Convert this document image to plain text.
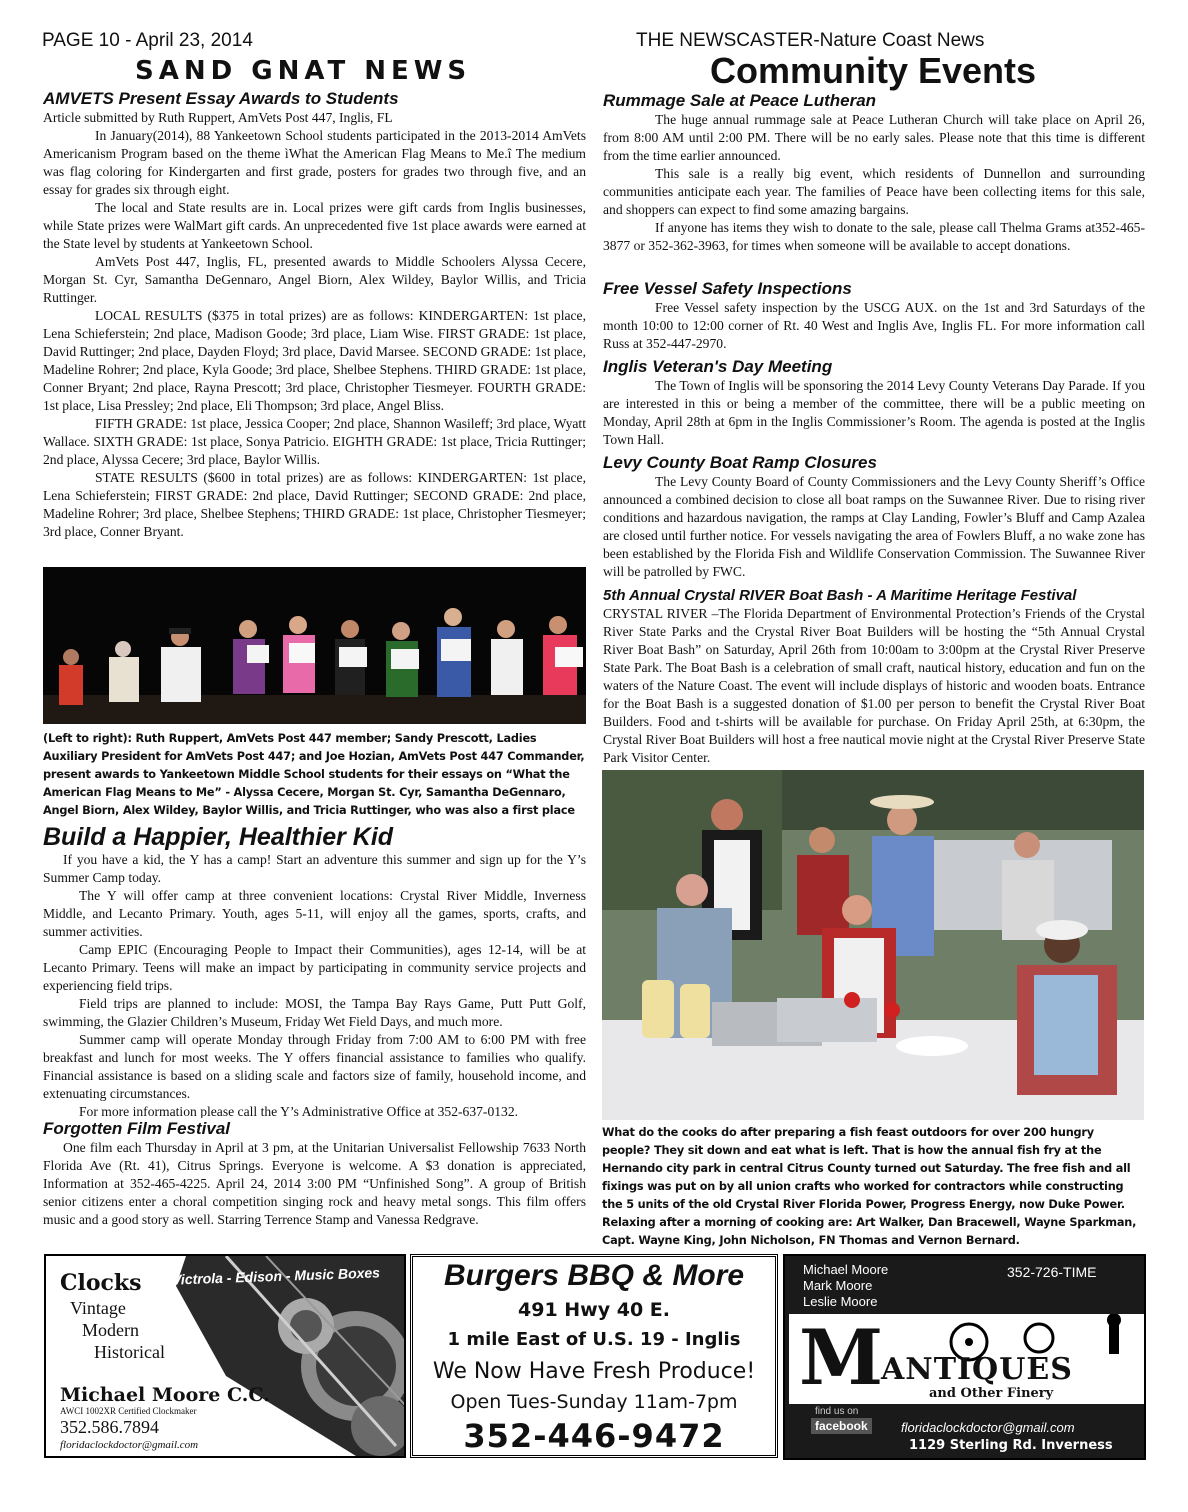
PAGE 10 - April 23, 2014	THE NEWSCASTER-Nature Coast News
SAND GNAT NEWS	Community Events
AMVETS Present Essay Awards to Students

Article submitted by Ruth Ruppert, AmVets Post 447, Inglis, FL

In January(2014), 88 Yankeetown School students participated in the 2013-2014 AmVets Americanism Program based on the theme ìWhat the American Flag Means to Me.î The medium was flag coloring for Kindergarten and first grade, posters for grades two through five, and an essay for grades six through eight.

The local and State results are in. Local prizes were gift cards from Inglis businesses, while State prizes were WalMart gift cards. An unprecedented five 1st place awards were earned at the State level by students at Yankeetown School.

AmVets Post 447, Inglis, FL, presented awards to Middle Schoolers Alyssa Cecere, Morgan St. Cyr, Samantha DeGennaro, Angel Biorn, Alex Wildey, Baylor Willis, and Tricia Ruttinger.

LOCAL RESULTS ($375 in total prizes) are as follows: KINDERGARTEN: 1st place, Lena Schieferstein; 2nd place, Madison Goode; 3rd place, Liam Wise. FIRST GRADE: 1st place, David Ruttinger; 2nd place, Dayden Floyd; 3rd place, David Marsee. SECOND GRADE: 1st place, Madeline Rohrer; 2nd place, Kyla Goode; 3rd place, Shelbee Stephens. THIRD GRADE: 1st place, Conner Bryant; 2nd place, Rayna Prescott; 3rd place, Christopher Tiesmeyer. FOURTH GRADE: 1st place, Lisa Pressley; 2nd place, Eli Thompson; 3rd place, Angel Bliss.

FIFTH GRADE: 1st place, Jessica Cooper; 2nd place, Shannon Wasileff; 3rd place, Wyatt Wallace. SIXTH GRADE: 1st place, Sonya Patricio. EIGHTH GRADE: 1st place, Tricia Ruttinger; 2nd place, Alyssa Cecere; 3rd place, Baylor Willis.

STATE RESULTS ($600 in total prizes) are as follows: KINDERGARTEN: 1st place, Lena Schieferstein; FIRST GRADE: 2nd place, David Ruttinger; SECOND GRADE: 2nd place, Madeline Rohrer; 3rd place, Shelbee Stephens; THIRD GRADE: 1st place, Christopher Tiesmeyer; 3rd place, Conner Bryant.

(Left to right): Ruth Ruppert, AmVets Post 447 member; Sandy Prescott, Ladies Auxiliary President for AmVets Post 447; and Joe Hozian, AmVets Post 447 Commander, present awards to Yankeetown Middle School students for their essays on “What the American Flag Means to Me” - Alyssa Cecere, Morgan St. Cyr, Samantha DeGennaro, Angel Biorn, Alex Wildey, Baylor Willis, and Tricia Ruttinger, who was also a first place
Build a Happier, Healthier Kid

If you have a kid, the Y has a camp! Start an adventure this summer and sign up for the Y’s Summer Camp today.

The Y will offer camp at three convenient locations: Crystal River Middle, Inverness Middle, and Lecanto Primary. Youth, ages 5-11, will enjoy all the games, sports, crafts, and summer activities.

Camp EPIC (Encouraging People to Impact their Communities), ages 12-14, will be at Lecanto Primary. Teens will make an impact by participating in community service projects and experiencing field trips.

Field trips are planned to include: MOSI, the Tampa Bay Rays Game, Putt Putt Golf, swimming, the Glazier Children’s Museum, Friday Wet Field Days, and much more.

Summer camp will operate Monday through Friday from 7:00 AM to 6:00 PM with free breakfast and lunch for most weeks. The Y offers financial assistance to families who qualify. Financial assistance is based on a sliding scale and factors size of family, household income, and extenuating circumstances.

For more information please call the Y’s Administrative Office at 352-637-0132.

Forgotten Film Festival

One film each Thursday in April at 3 pm, at the Unitarian Universalist Fellowship 7633 North Florida Ave (Rt. 41), Citrus Springs. Everyone is welcome. A $3 donation is appreciated, Information at 352-465-4225. April 24, 2014 3:00 PM “Unfinished Song”. A group of British senior citizens enter a choral competition singing rock and heavy metal songs. This film offers music and a good story as well. Starring Terrence Stamp and Vanessa Redgrave.

Rummage Sale at Peace Lutheran

The huge annual rummage sale at Peace Lutheran Church will take place on April 26, from 8:00 AM until 2:00 PM. There will be no early sales. Please note that this time is different from the time earlier announced.

This sale is a really big event, which residents of Dunnellon and surrounding communities anticipate each year. The families of Peace have been collecting items for this sale, and shoppers can expect to find some amazing bargains.

If anyone has items they wish to donate to the sale, please call Thelma Grams at352-465-3877 or 352-362-3963, for times when someone will be available to accept donations.

Free Vessel Safety Inspections

Free Vessel safety inspection by the USCG AUX. on the 1st and 3rd Saturdays of the month 10:00 to 12:00 corner of Rt. 40 West and Inglis Ave, Inglis FL. For more information call Russ at 352-447-2970.

Inglis Veteran's Day Meeting

The Town of Inglis will be sponsoring the 2014 Levy County Veterans Day Parade. If you are interested in this or being a member of the committee, there will be a public meeting on Monday, April 28th at 6pm in the Inglis Commissioner’s Room. The agenda is posted at the Inglis Town Hall.

Levy County Boat Ramp Closures

The Levy County Board of County Commissioners and the Levy County Sheriff’s Office announced a combined decision to close all boat ramps on the Suwannee River. Due to rising river conditions and hazardous navigation, the ramps at Clay Landing, Fowler’s Bluff and Camp Azalea are closed until further notice. For vessels navigating the area of Fowlers Bluff, a no wake zone has been established by the Florida Fish and Wildlife Conservation Commission. The Suwannee River will be patrolled by FWC.

5th Annual Crystal RIVER Boat Bash - A Maritime Heritage Festival

CRYSTAL RIVER –The Florida Department of Environmental Protection’s Friends of the Crystal River State Parks and the Crystal River Boat Builders will be hosting the “5th Annual Crystal River Boat Bash” on Saturday, April 26th from 10:00am to 3:00pm at the Crystal River Preserve State Park. The Boat Bash is a celebration of small craft, nautical history, education and fun on the waters of the Nature Coast. The event will include displays of historic and wooden boats. Entrance for the Boat Bash is a suggested donation of $1.00 per person to benefit the Crystal River Boat Builders. Food and t-shirts will be available for purchase. On Friday April 25th, at 6:30pm, the Crystal River Boat Builders will host a free nautical movie night at the Crystal River Preserve State Park Visitor Center.

What do the cooks do after preparing a fish feast outdoors for over 200 hungry people? They sit down and eat what is left. That is how the annual fish fry at the Hernando city park in central Citrus County turned out Saturday. The free fish and all fixings was put on by all union crafts who worked for contractors while constructing the 5 units of the old Crystal River Florida Power, Progress Energy, now Duke Power. Relaxing after a morning of cooking are: Art Walker, Dan Bracewell, Wayne Sparkman, Capt. Wayne King, John Nicholson, FN Thomas and Vernon Bernard.
Victrola - Edison - Music Boxes
Clocks
Vintage
Modern
Historical
Michael Moore C.C.
AWCI 1002XR Certified Clockmaker
352.586.7894
floridaclockdoctor@gmail.com
Burgers BBQ & More
491 Hwy 40 E.
1 mile East of U.S. 19 - Inglis
We Now Have Fresh Produce!
Open Tues-Sunday 11am-7pm
352-446-9472
Michael Moore
Mark Moore
Leslie Moore
352-726-TIME
M
ANTIQUES
and Other Finery
find us on
facebook	floridaclockdoctor@gmail.com
1129 Sterling Rd. Inverness
